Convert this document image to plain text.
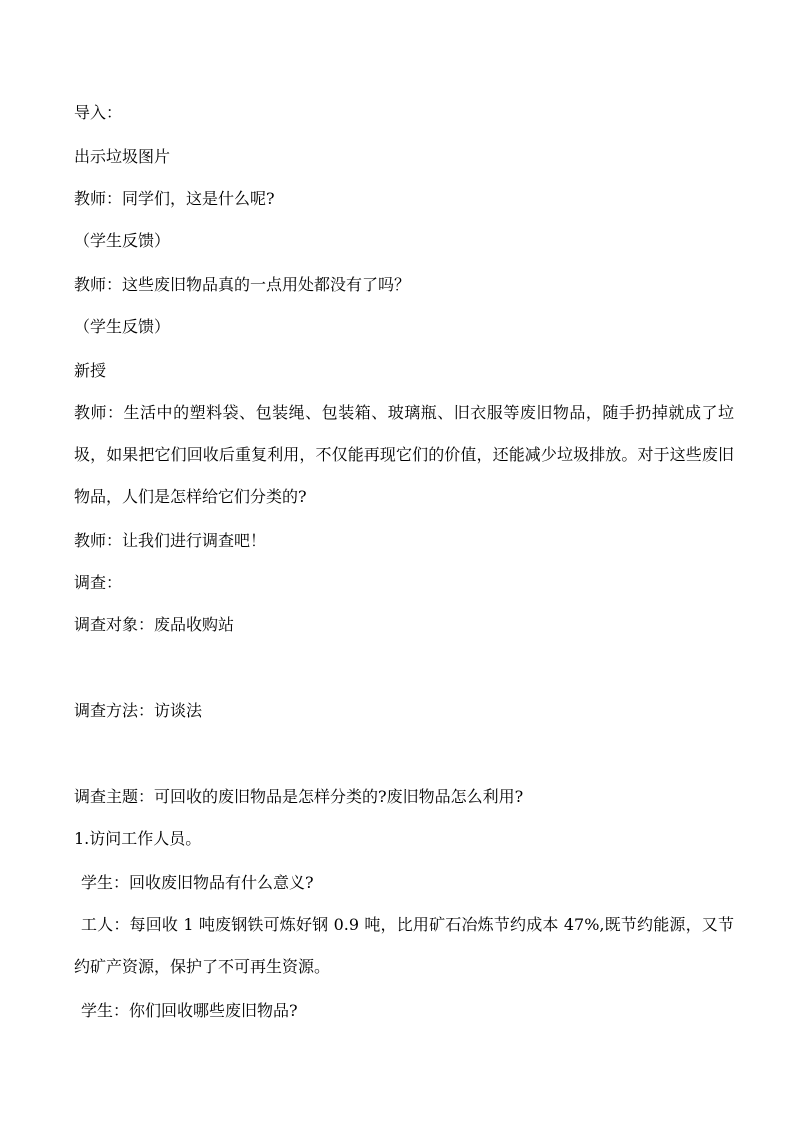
导入：

出示垃圾图片

教师：同学们，这是什么呢?

（学生反馈）

教师：这些废旧物品真的一点用处都没有了吗？

（学生反馈）

新授

教师：生活中的塑料袋、包装绳、包装箱、玻璃瓶、旧衣服等废旧物品，随手扔掉就成了垃圾，如果把它们回收后重复利用，不仅能再现它们的价值，还能减少垃圾排放。对于这些废旧物品，人们是怎样给它们分类的?

教师：让我们进行调查吧！

调查：

调查对象：废品收购站

调查方法：访谈法

调查主题：可回收的废旧物品是怎样分类的?废旧物品怎么利用?

1.访问工作人员。

学生：回收废旧物品有什么意义?

工人：每回收 1 吨废钢铁可炼好钢 0.9 吨，比用矿石冶炼节约成本 47%,既节约能源，又节约矿产资源，保护了不可再生资源。

学生：你们回收哪些废旧物品?
